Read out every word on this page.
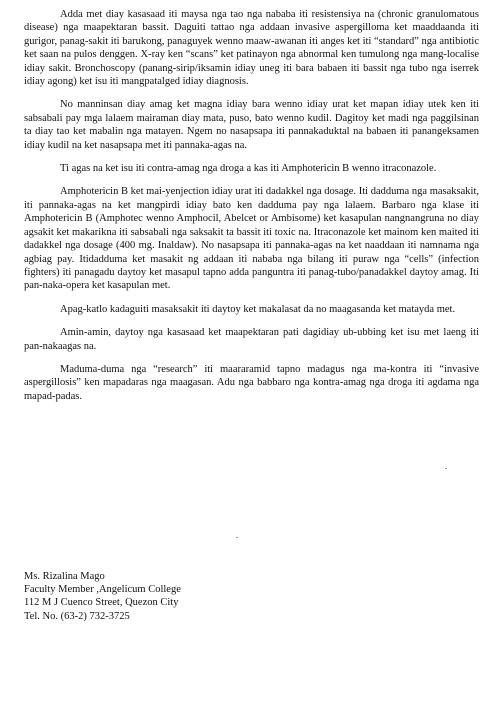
Adda met diay kasasaad iti maysa nga tao nga nababa iti resistensiya na (chronic granulomatous disease) nga maapektaran bassit. Daguiti tattao nga addaan invasive aspergilloma ket maaddaanda iti gurigor, panag-sakit iti barukong, panaguyek wenno maaw-awanan iti anges ket iti “standard” nga antibiotic ket saan na pulos denggen. X-ray ken “scans” ket patinayon nga abnormal ken tumulong nga mang-localise idiay sakit. Bronchoscopy (panang-sirip/iksamin idiay uneg iti bara babaen iti bassit nga tubo nga iserrek idiay agong) ket isu iti mangpatalged idiay diagnosis.

No manninsan diay amag ket magna idiay bara wenno idiay urat ket mapan idiay utek ken iti sabsabali pay mga lalaem mairaman diay mata, puso, bato wenno kudil. Dagitoy ket madi nga paggilsinan ta diay tao ket mabalin nga matayen. Ngem no nasapsapa iti pannakaduktal na babaen iti panangeksamen idiay kudil na ket nasapsapa met iti pannaka-agas na.

Ti agas na ket isu iti contra-amag nga droga a kas iti Amphotericin B wenno itraconazole.

Amphotericin B ket mai-yenjection idiay urat iti dadakkel nga dosage. Iti dadduma nga masaksakit, iti pannaka-agas na ket mangpirdi idiay bato ken dadduma pay nga lalaem. Barbaro nga klase iti Amphotericin B (Amphotec wenno Amphocil, Abelcet or Ambisome) ket kasapulan nangnangruna no diay agsakit ket makarikna iti sabsabali nga saksakit ta bassit iti toxic na. Itraconazole ket mainom ken maited iti dadakkel nga dosage (400 mg. Inaldaw). No nasapsapa iti pannaka-agas na ket naaddaan iti namnama nga agbiag pay. Itidadduma ket masakit ng addaan iti nababa nga bilang iti puraw nga “cells” (infection fighters) iti panagadu daytoy ket masapul tapno adda panguntra iti panag-tubo/panadakkel daytoy amag. Iti pan-naka-opera ket kasapulan met.

Apag-katlo kadaguiti masaksakit iti daytoy ket makalasat da no maagasanda ket matayda met.

Amin-amin, daytoy nga kasasaad ket maapektaran pati dagidiay ub-ubbing ket isu met laeng iti pan-nakaagas na.

Maduma-duma nga “research” iti maararamid tapno madagus nga ma-kontra iti “invasive aspergillosis” ken mapadaras nga maagasan. Adu nga babbaro nga kontra-amag nga droga iti agdama nga mapad-padas.

Ms. Rizalina Mago
Faculty Member ,Angelicum College
112 M J Cuenco Street, Quezon City
Tel. No. (63-2) 732-3725
